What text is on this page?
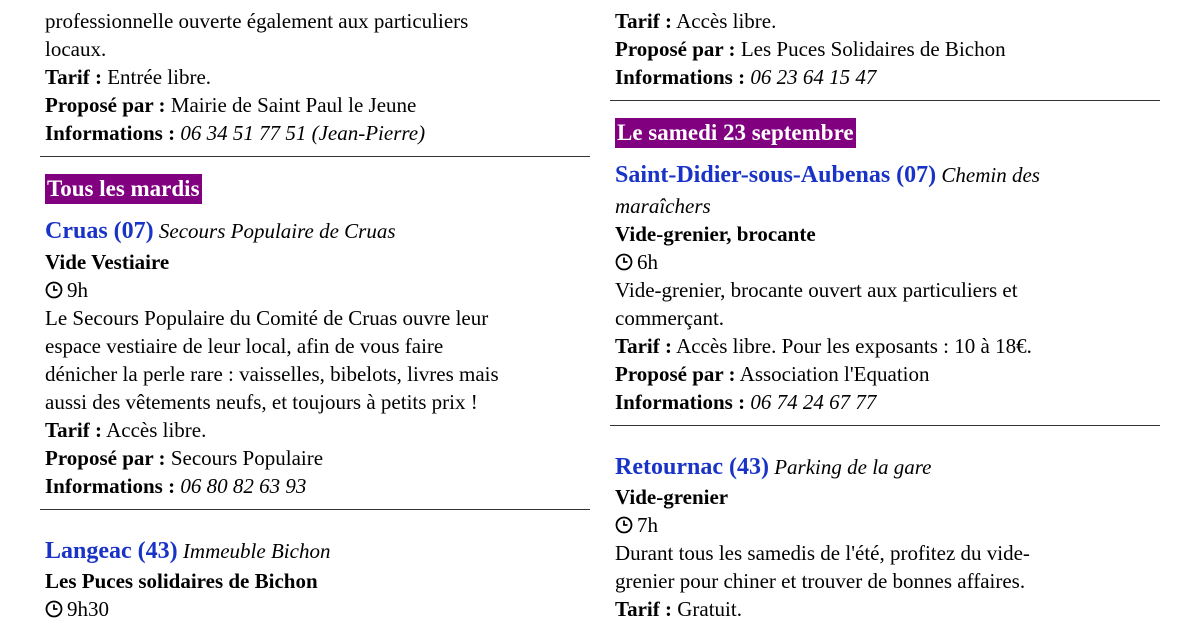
professionnelle ouverte également aux particuliers
locaux.
Tarif : Entrée libre.
Proposé par : Mairie de Saint Paul le Jeune
Informations : 06 34 51 77 51 (Jean-Pierre)
Tous les mardis
Cruas (07) Secours Populaire de Cruas
Vide Vestiaire
9h
Le Secours Populaire du Comité de Cruas ouvre leur
espace vestiaire de leur local, afin de vous faire
dénicher la perle rare : vaisselles, bibelots, livres mais
aussi des vêtements neufs, et toujours à petits prix !
Tarif : Accès libre.
Proposé par : Secours Populaire
Informations : 06 80 82 63 93
Langeac (43) Immeuble Bichon
Les Puces solidaires de Bichon
9h30
Tarif : Accès libre.
Proposé par : Les Puces Solidaires de Bichon
Informations : 06 23 64 15 47
Le samedi 23 septembre
Saint-Didier-sous-Aubenas (07) Chemin des
maraîchers
Vide-grenier, brocante
6h
Vide-grenier, brocante ouvert aux particuliers et
commerçant.
Tarif : Accès libre. Pour les exposants : 10 à 18€.
Proposé par : Association l'Equation
Informations : 06 74 24 67 77
Retournac (43) Parking de la gare
Vide-grenier
7h
Durant tous les samedis de l'été, profitez du vide-
grenier pour chiner et trouver de bonnes affaires.
Tarif : Gratuit.
